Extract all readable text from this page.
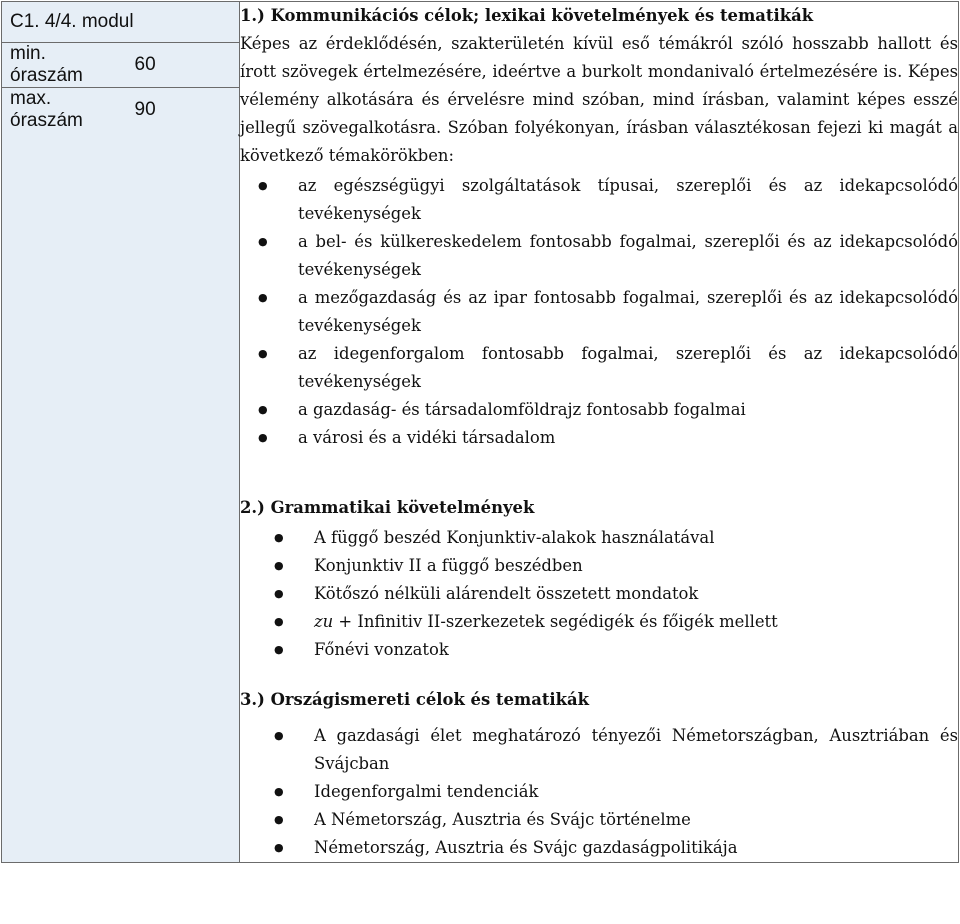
C1. 4/4. modul
min. óraszám	60
max. óraszám	90

1.) Kommunikációs célok; lexikai követelmények és tematikák

Képes az érdeklődésén, szakterületén kívül eső témákról szóló hosszabb hallott és írott szövegek értelmezésére, ideértve a burkolt mondanivaló értelmezésére is. Képes vélemény alkotására és érvelésre mind szóban, mind írásban, valamint képes esszé jellegű szövegalkotásra. Szóban folyékonyan, írásban választékosan fejezi ki magát a következő témakörökben:

● az egészségügyi szolgáltatások típusai, szereplői és az idekapcsolódó tevékenységek
● a bel- és külkereskedelem fontosabb fogalmai, szereplői és az idekapcsolódó tevékenységek
● a mezőgazdaság és az ipar fontosabb fogalmai, szereplői és az idekapcsolódó tevékenységek
● az idegenforgalom fontosabb fogalmai, szereplői és az idekapcsolódó tevékenységek
● a gazdaság- és társadalomföldrajz fontosabb fogalmai
● a városi és a vidéki társadalom
2.) Grammatikai követelmények
● A függő beszéd Konjunktiv-alakok használatával
● Konjunktiv II a függő beszédben
● Kötőszó nélküli alárendelt összetett mondatok
● zu + Infinitiv II-szerkezetek segédigék és főigék mellett
● Főnévi vonzatok
3.) Országismereti célok és tematikák
● A gazdasági élet meghatározó tényezői Németországban, Ausztriában és Svájcban
● Idegenforgalmi tendenciák
● A Németország, Ausztria és Svájc történelme
● Németország, Ausztria és Svájc gazdaságpolitikája
